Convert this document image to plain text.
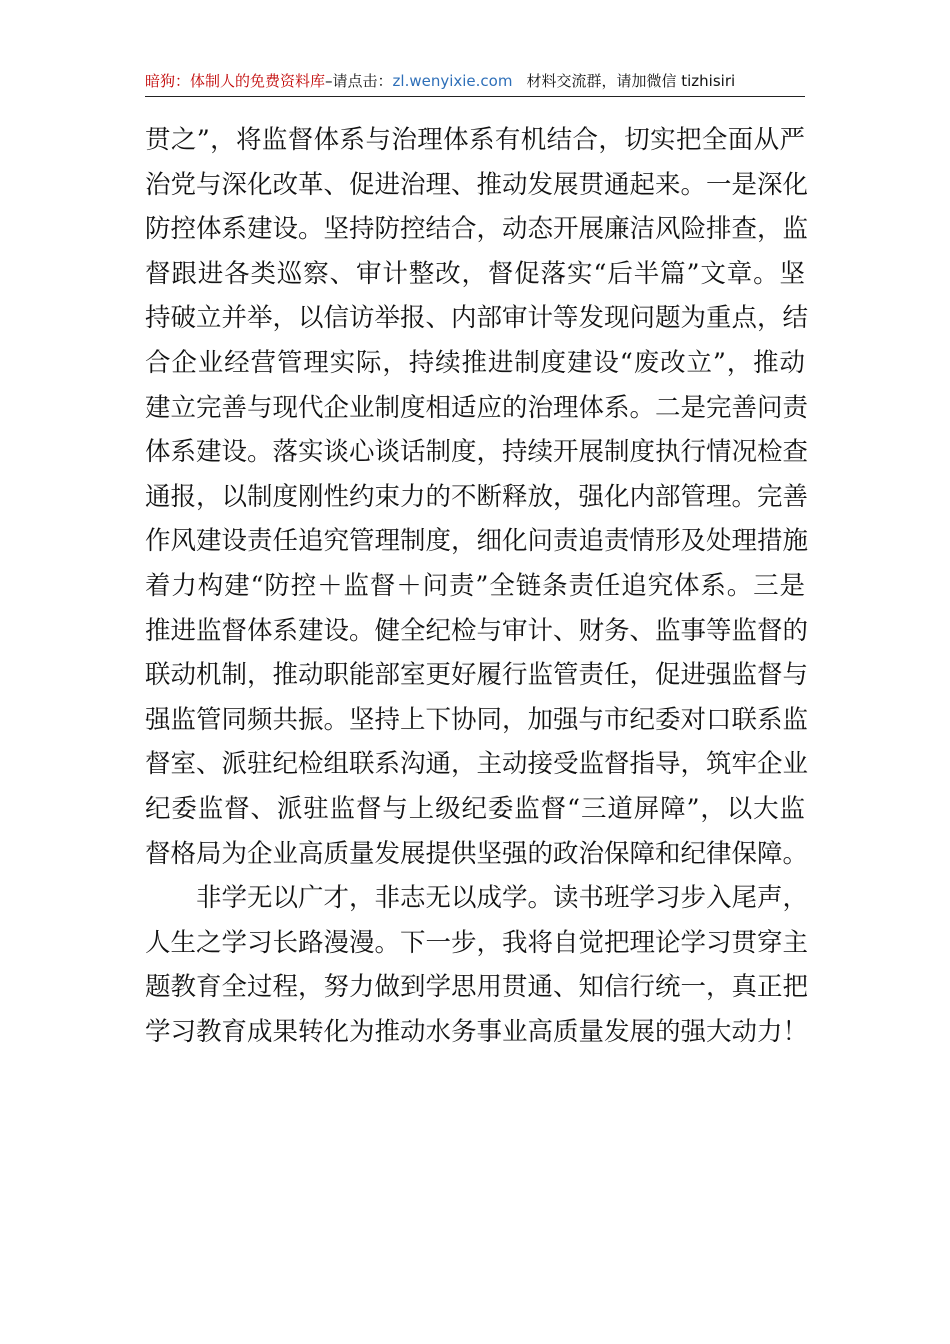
暗狗：体制人的免费资料库–请点击：zl.wenyixie.com 材料交流群，请加微信 tizhisiri
贯之”，将监督体系与治理体系有机结合，切实把全面从严
治党与深化改革、促进治理、推动发展贯通起来。一是深化
防控体系建设。坚持防控结合，动态开展廉洁风险排查，监
督跟进各类巡察、审计整改，督促落实“后半篇”文章。坚
持破立并举，以信访举报、内部审计等发现问题为重点，结
合企业经营管理实际，持续推进制度建设“废改立”，推动
建立完善与现代企业制度相适应的治理体系。二是完善问责
体系建设。落实谈心谈话制度，持续开展制度执行情况检查
通报，以制度刚性约束力的不断释放，强化内部管理。完善
作风建设责任追究管理制度，细化问责追责情形及处理措施
着力构建“防控＋监督＋问责”全链条责任追究体系。三是
推进监督体系建设。健全纪检与审计、财务、监事等监督的
联动机制，推动职能部室更好履行监管责任，促进强监督与
强监管同频共振。坚持上下协同，加强与市纪委对口联系监
督室、派驻纪检组联系沟通，主动接受监督指导，筑牢企业
纪委监督、派驻监督与上级纪委监督“三道屏障”，以大监
督格局为企业高质量发展提供坚强的政治保障和纪律保障。
非学无以广才，非志无以成学。读书班学习步入尾声，
人生之学习长路漫漫。下一步，我将自觉把理论学习贯穿主
题教育全过程，努力做到学思用贯通、知信行统一，真正把
学习教育成果转化为推动水务事业高质量发展的强大动力！
